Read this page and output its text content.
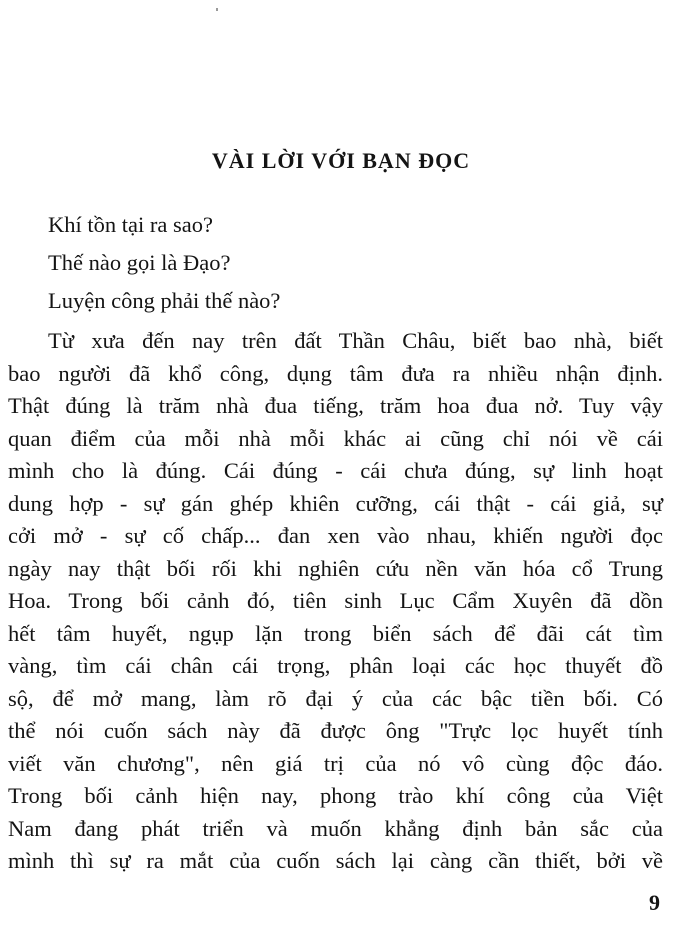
VÀI LỜI VỚI BẠN ĐỌC

Khí tồn tại ra sao?

Thế nào gọi là Đạo?

Luyện công phải thế nào?

Từ xưa đến nay trên đất Thần Châu, biết bao nhà, biết
bao người đã khổ công, dụng tâm đưa ra nhiều nhận định.
Thật đúng là trăm nhà đua tiếng, trăm hoa đua nở. Tuy vậy
quan điểm của mỗi nhà mỗi khác ai cũng chỉ nói về cái
mình cho là đúng. Cái đúng - cái chưa đúng, sự linh hoạt
dung hợp - sự gán ghép khiên cưỡng, cái thật - cái giả, sự
cởi mở - sự cố chấp... đan xen vào nhau, khiến người đọc
ngày nay thật bối rối khi nghiên cứu nền văn hóa cổ Trung
Hoa. Trong bối cảnh đó, tiên sinh Lục Cẩm Xuyên đã dồn
hết tâm huyết, ngụp lặn trong biển sách để đãi cát tìm
vàng, tìm cái chân cái trọng, phân loại các học thuyết đồ
sộ, để mở mang, làm rõ đại ý của các bậc tiền bối. Có
thể nói cuốn sách này đã được ông "Trực lọc huyết tính
viết văn chương", nên giá trị của nó vô cùng độc đáo.
Trong bối cảnh hiện nay, phong trào khí công của Việt
Nam đang phát triển và muốn khẳng định bản sắc của
mình thì sự ra mắt của cuốn sách lại càng cần thiết, bởi về
9
